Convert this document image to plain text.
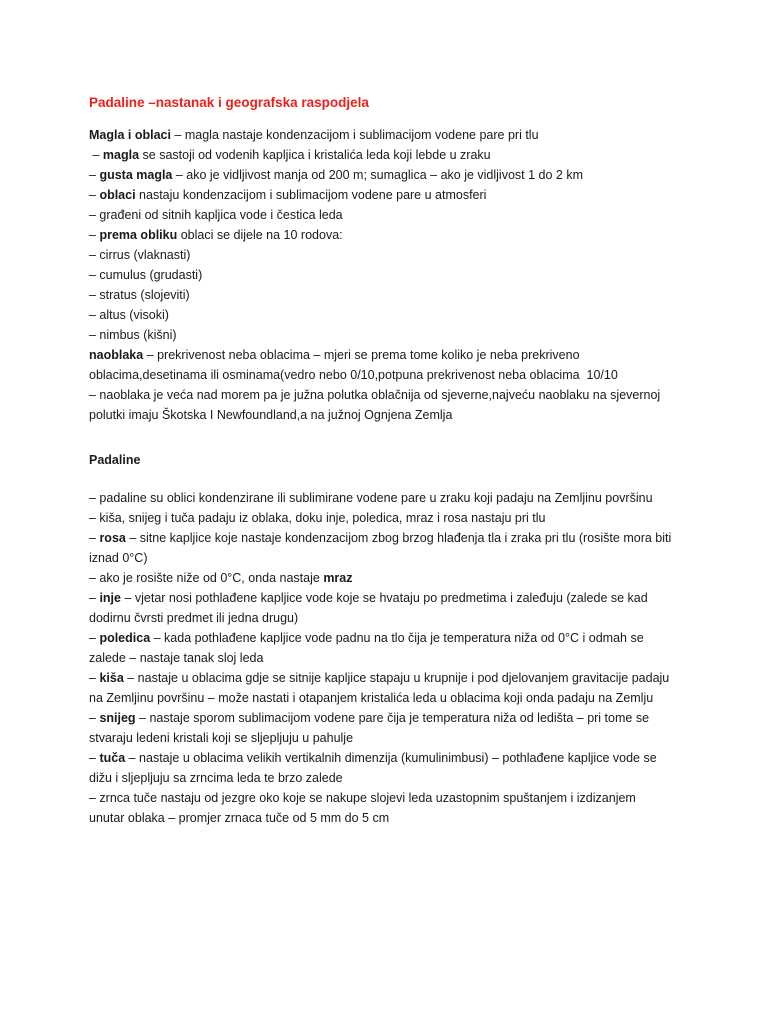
Padaline –nastanak i geografska raspodjela
Magla i oblaci – magla nastaje kondenzacijom i sublimacijom vodene pare pri tlu
– magla se sastoji od vodenih kapljica i kristalića leda koji lebde u zraku
– gusta magla – ako je vidljivost manja od 200 m; sumaglica – ako je vidljivost 1 do 2 km
– oblaci nastaju kondenzacijom i sublimacijom vodene pare u atmosferi
– građeni od sitnih kapljica vode i čestica leda
– prema obliku oblaci se dijele na 10 rodova:
– cirrus (vlaknasti)
– cumulus (grudasti)
– stratus (slojeviti)
– altus (visoki)
– nimbus (kišni)
naoblaka – prekrivenost neba oblacima – mjeri se prema tome koliko je neba prekriveno
oblacima,desetinama ili osminama(vedro nebo 0/10,potpuna prekrivenost neba oblacima  10/10
– naoblaka je veća nad morem pa je južna polutka oblačnija od sjeverne,najveću naoblaku na sjevernoj
polutki imaju Škotska I Newfoundland,a na južnoj Ognjena Zemlja
Padaline
– padaline su oblici kondenzirane ili sublimirane vodene pare u zraku koji padaju na Zemljinu površinu
– kiša, snijeg i tuča padaju iz oblaka, doku inje, poledica, mraz i rosa nastaju pri tlu
– rosa – sitne kapljice koje nastaje kondenzacijom zbog brzog hlađenja tla i zraka pri tlu (rosište mora biti
iznad 0°C)
– ako je rosište niže od 0°C, onda nastaje mraz
– inje – vjetar nosi pothlađene kapljice vode koje se hvataju po predmetima i zaleđuju (zalede se kad
dodirnu čvrsti predmet ili jedna drugu)
– poledica – kada pothlađene kapljice vode padnu na tlo čija je temperatura niža od 0°C i odmah se
zalede – nastaje tanak sloj leda
– kiša – nastaje u oblacima gdje se sitnije kapljice stapaju u krupnije i pod djelovanjem gravitacije padaju
na Zemljinu površinu – može nastati i otapanjem kristalića leda u oblacima koji onda padaju na Zemlju
– snijeg – nastaje sporom sublimacijom vodene pare čija je temperatura niža od ledišta – pri tome se
stvaraju ledeni kristali koji se sljepljuju u pahulje
– tuča – nastaje u oblacima velikih vertikalnih dimenzija (kumulinimbusi) – pothlađene kapljice vode se
dižu i sljepljuju sa zrncima leda te brzo zalede
– zrnca tuče nastaju od jezgre oko koje se nakupe slojevi leda uzastopnim spuštanjem i izdizanjem
unutar oblaka – promjer zrnaca tuče od 5 mm do 5 cm
